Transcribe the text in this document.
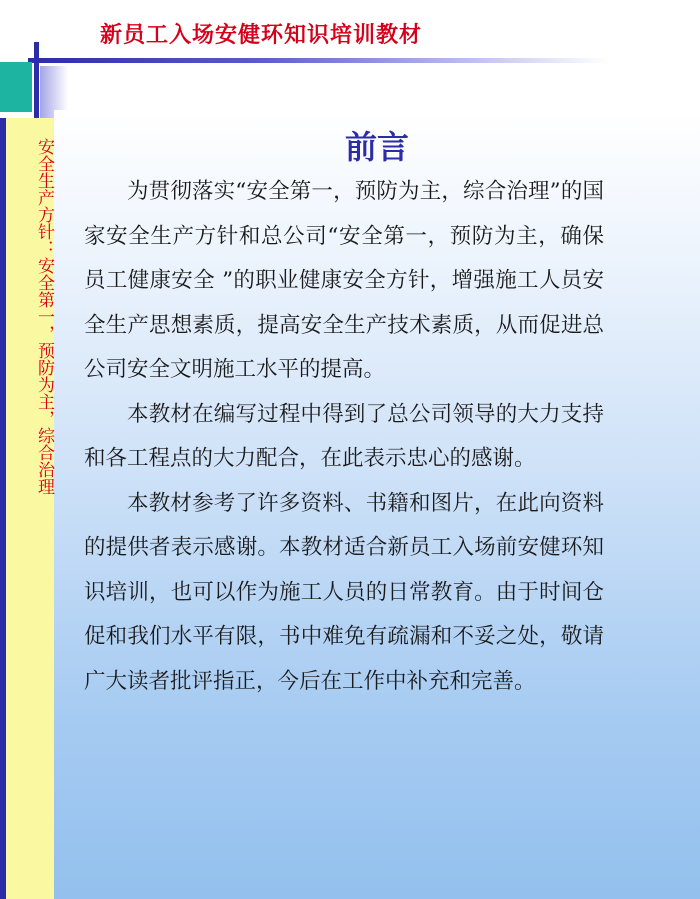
新员工入场安健环知识培训教材
安全生产方针：安全第一，预防为主，综合治理
前言

为贯彻落实“安全第一，预防为主，综合治理”的国家安全生产方针和总公司“安全第一，预防为主，确保员工健康安全 ”的职业健康安全方针，增强施工人员安全生产思想素质，提高安全生产技术素质，从而促进总公司安全文明施工水平的提高。

本教材在编写过程中得到了总公司领导的大力支持和各工程点的大力配合，在此表示忠心的感谢。

本教材参考了许多资料、书籍和图片，在此向资料的提供者表示感谢。本教材适合新员工入场前安健环知识培训，也可以作为施工人员的日常教育。由于时间仓促和我们水平有限，书中难免有疏漏和不妥之处，敬请广大读者批评指正，今后在工作中补充和完善。
